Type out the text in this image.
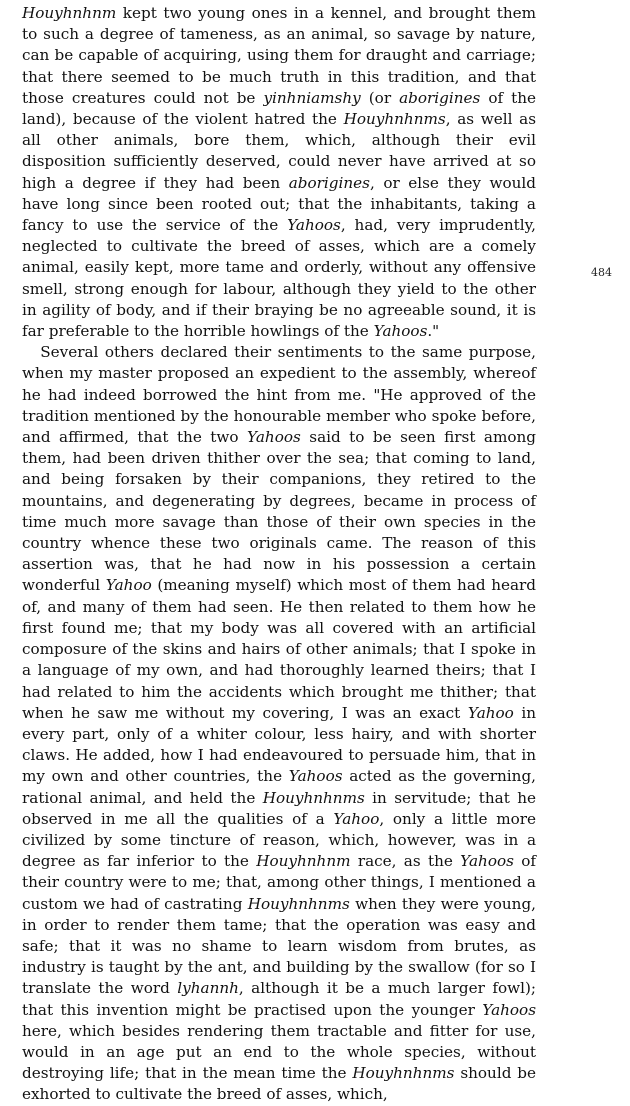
Houyhnhnm kept two young ones in a kennel, and brought them to such a degree of tameness, as an animal, so savage by nature, can be capable of acquiring, using them for draught and carriage; that there seemed to be much truth in this tradition, and that those creatures could not be yinhniamshy (or aborigines of the land), because of the violent hatred the Houyhnhnms, as well as all other animals, bore them, which, although their evil disposition sufficiently deserved, could never have arrived at so high a degree if they had been aborigines, or else they would have long since been rooted out; that the inhabitants, taking a fancy to use the service of the Yahoos, had, very imprudently, neglected to cultivate the breed of asses, which are a comely animal, easily kept, more tame and orderly, without any offensive smell, strong enough for labour, although they yield to the other in agility of body, and if their braying be no agreeable sound, it is far preferable to the horrible howlings of the Yahoos."

Several others declared their sentiments to the same purpose, when my master proposed an expedient to the assembly, whereof he had indeed borrowed the hint from me. "He approved of the tradition mentioned by the honourable member who spoke before, and affirmed, that the two Yahoos said to be seen first among them, had been driven thither over the sea; that coming to land, and being forsaken by their companions, they retired to the mountains, and degenerating by degrees, became in process of time much more savage than those of their own species in the country whence these two originals came. The reason of this assertion was, that he had now in his possession a certain wonderful Yahoo (meaning myself) which most of them had heard of, and many of them had seen. He then related to them how he first found me; that my body was all covered with an artificial composure of the skins and hairs of other animals; that I spoke in a language of my own, and had thoroughly learned theirs; that I had related to him the accidents which brought me thither; that when he saw me without my covering, I was an exact Yahoo in every part, only of a whiter colour, less hairy, and with shorter claws. He added, how I had endeavoured to persuade him, that in my own and other countries, the Yahoos acted as the governing, rational animal, and held the Houyhnhnms in servitude; that he observed in me all the qualities of a Yahoo, only a little more civilized by some tincture of reason, which, however, was in a degree as far inferior to the Houyhnhnm race, as the Yahoos of their country were to me; that, among other things, I mentioned a custom we had of castrating Houyhnhnms when they were young, in order to render them tame; that the operation was easy and safe; that it was no shame to learn wisdom from brutes, as industry is taught by the ant, and building by the swallow (for so I translate the word lyhannh, although it be a much larger fowl); that this invention might be practised upon the younger Yahoos here, which besides rendering them tractable and fitter for use, would in an age put an end to the whole species, without destroying life; that in the mean time the Houyhnhnms should be exhorted to cultivate the breed of asses, which,

484
